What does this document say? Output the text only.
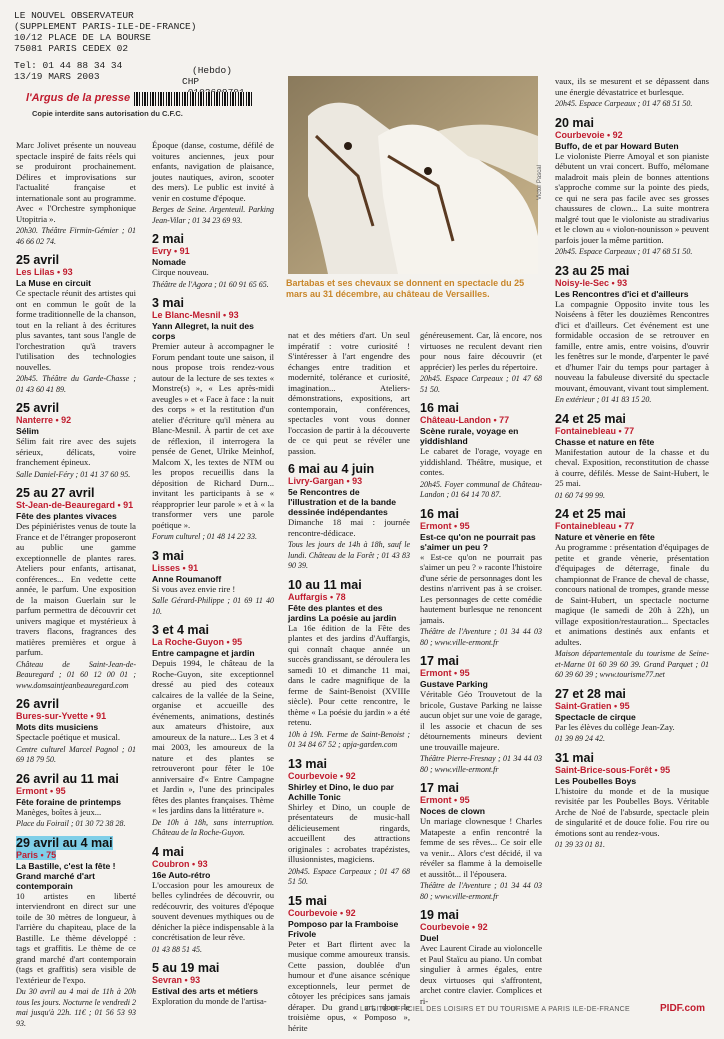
LE NOUVEL OBSERVATEUR
(SUPPLEMENT PARIS-ILE-DE-FRANCE)
10/12 PLACE DE LA BOURSE
75081 PARIS CEDEX 02
Tel: 01 44 88 34 34
13/19 MARS 2003
(Hebdo)
CHP
l'Argus de la presse
Copie interdite sans autorisation du C.F.C.
Victor Pascal
Bartabas et ses chevaux se donnent en spectacle du 25 mars au 31 décembre, au château de Versailles.

Marc Jolivet présente un nouveau spectacle inspiré de faits réels qui se produiront prochainement. Délires et improvisations sur l'actualité française et internationale sont au programme. Avec « l'Orchestre symphonique Utopitria ».

20h30. Théâtre Firmin-Gémier ; 01 46 66 02 74.

25 avril
Les Lilas • 93
La Muse en circuit

Ce spectacle réunit des artistes qui ont en commun le goût de la forme traditionnelle de la chanson, tout en la reliant à des écritures plus savantes, tant sous l'angle de l'orchestration qu'à travers l'utilisation des technologies nouvelles.

20h45. Théâtre du Garde-Chasse ; 01 43 60 41 89.

25 avril
Nanterre • 92
Sélim

Sélim fait rire avec des sujets sérieux, délicats, voire franchement épineux.

Salle Daniel-Féry ; 01 41 37 60 95.

25 au 27 avril
St-Jean-de-Beauregard • 91
Fête des plantes vivaces

Des pépiniéristes venus de toute la France et de l'étranger proposeront au public une gamme exceptionnelle de plantes rares. Ateliers pour enfants, artisanat, conférences... En vedette cette année, le parfum. Une exposition de la maison Guerlain sur le parfum permettra de découvrir cet univers magique et mystérieux à travers flacons, fragrances des matières premières et orgue à parfum.

Château de Saint-Jean-de-Beauregard ; 01 60 12 00 01 ; www.domsaintjeanbeauregard.com

26 avril
Bures-sur-Yvette • 91
Mots dits musiciens

Spectacle poétique et musical.

Centre culturel Marcel Pagnol ; 01 69 18 79 50.

26 avril au 11 mai
Ermont • 95
Fête foraine de printemps

Manèges, boîtes à jeux...

Place du Foirail ; 01 30 72 38 28.

29 avril au 4 mai
Paris • 75
La Bastille, c'est la fête ! Grand marché d'art contemporain

10 artistes en liberté interviendront en direct sur une toile de 30 mètres de longueur, à l'arrière du chapiteau, place de la Bastille. Le thème développé : tags et graffitis. Le thème de ce grand marché d'art contemporain (tags et graffitis) sera visible de l'extérieur de l'expo.

Du 30 avril au 4 mai de 11h à 20h tous les jours. Nocturne le vendredi 2 mai jusqu'à 22h. 11€ ; 01 56 53 93 93.

Époque (danse, costume, défilé de voitures anciennes, jeux pour enfants, navigation de plaisance, joutes nautiques, aviron, scooter des mers). Le public est invité à venir en costume d'époque.

Berges de Seine. Argenteuil. Parking Jean-Vilar ; 01 34 23 69 93.

2 mai
Evry • 91
Nomade

Cirque nouveau.

Théâtre de l'Agora ; 01 60 91 65 65.

3 mai
Le Blanc-Mesnil • 93
Yann Allegret, la nuit des corps

Premier auteur à accompagner le Forum pendant toute une saison, il nous propose trois rendez-vous autour de la lecture de ses textes « Monstre(s) », « Les après-midi aveugles » et « Face à face : la nuit des corps » et la restitution d'un atelier d'écriture qu'il mènera au Blanc-Mesnil. À partir de cet axe de réflexion, il interrogera la pensée de Genet, Ulrike Meinhof, Malcom X, les textes de NTM ou les propos recueillis dans la déposition de Richard Durn... invitant les participants à se « réapproprier leur parole » et à « la transformer vers une parole poétique ».

Forum culturel ; 01 48 14 22 33.

3 mai
Lisses • 91
Anne Roumanoff

Si vous avez envie rire !

Salle Gérard-Philippe ; 01 69 11 40 10.

3 et 4 mai
La Roche-Guyon • 95
Entre campagne et jardin

Depuis 1994, le château de la Roche-Guyon, site exceptionnel dressé au pied des coteaux calcaires de la vallée de la Seine, organise et accueille des événements, animations, destinés aux amateurs d'histoire, aux amoureux de la nature... Les 3 et 4 mai 2003, les amoureux de la nature et des plantes se retrouveront pour fêter le 10e anniversaire d'« Entre Campagne et Jardin », l'une des principales fêtes des plantes françaises. Thème « les jardins dans la littérature ».

De 10h à 18h, sans interruption. Château de la Roche-Guyon.

4 mai
Coubron • 93
16e Auto-rétro

L'occasion pour les amoureux de belles cylindrées de découvrir, ou redécouvrir, des voitures d'époque souvent devenues mythiques ou de dénicher la pièce indispensable à la concrétisation de leur rêve.

01 43 88 51 45.

5 au 19 mai
Sevran • 93
Estival des arts et métiers

Exploration du monde de l'artisa-

nat et des métiers d'art. Un seul impératif : votre curiosité ! S'intéresser à l'art engendre des échanges entre tradition et modernité, tolérance et curiosité, imagination... Ateliers-démonstrations, expositions, art contemporain, conférences, spectacles vont vous donner l'occasion de partir à la découverte de ce qui peut se révéler une passion.

6 mai au 4 juin
Livry-Gargan • 93
5e Rencontres de l'illustration et de la bande dessinée indépendantes

Dimanche 18 mai : journée rencontre-dédicace.

Tous les jours de 14h à 18h, sauf le lundi. Château de la Forêt ; 01 43 83 90 39.

10 au 11 mai
Auffargis • 78
Fête des plantes et des jardins La poésie au jardin

La 16e édition de la Fête des plantes et des jardins d'Auffargis, qui connaît chaque année un succès grandissant, se déroulera les samedi 10 et dimanche 11 mai, dans le cadre magnifique de la ferme de Saint-Benoist (XVIIIe siècle). Pour cette rencontre, le thème « La poésie du jardin » a été retenu.

10h à 19h. Ferme de Saint-Benoist ; 01 34 84 67 52 ; apja-garden.com

13 mai
Courbevoie • 92
Shirley et Dino, le duo par Achille Tonic

Shirley et Dino, un couple de présentateurs de music-hall délicieusement ringards, accueillent des attractions originales : acrobates trapézistes, illusionnistes, magiciens.

20h45. Espace Carpeaux ; 01 47 68 51 50.

15 mai
Courbevoie • 92
Pomposo par la Framboise Frivole

Peter et Bart flirtent avec la musique comme amoureux transis. Cette passion, doublée d'un humour et d'une aisance scénique exceptionnels, leur permet de côtoyer les précipices sans jamais déraper. Du grand art, dont le troisième opus, « Pomposo », hérite

généreusement. Car, là encore, nos virtuoses ne reculent devant rien pour nous faire découvrir (et apprécier) les perles du répertoire.

20h45. Espace Carpeaux ; 01 47 68 51 50.

16 mai
Château-Landon • 77
Scène rurale, voyage en yiddishland

Le cabaret de l'orage, voyage en yiddishland. Théâtre, musique, et contes.

20h45. Foyer communal de Château-Landon ; 01 64 14 70 87.

16 mai
Ermont • 95
Est-ce qu'on ne pourrait pas s'aimer un peu ?

« Est-ce qu'on ne pourrait pas s'aimer un peu ? » raconte l'histoire d'une série de personnages dont les destins n'arrivent pas à se croiser. Les personnages de cette comédie hautement burlesque ne renoncent jamais.

Théâtre de l'Aventure ; 01 34 44 03 80 ; www.ville-ermont.fr

17 mai
Ermont • 95
Gustave Parking

Véritable Géo Trouvetout de la bricole, Gustave Parking ne laisse aucun objet sur une voie de garage, il les associe et chacun de ses détournements mineurs devient une trouvaille majeure.

Théâtre Pierre-Fresnay ; 01 34 44 03 80 ; www.ville-ermont.fr

17 mai
Ermont • 95
Noces de clown

Un mariage clownesque ! Charles Matapeste a enfin rencontré la femme de ses rêves... Ce soir elle va venir... Alors c'est décidé, il va révéler sa flamme à la demoiselle et aussitôt... il l'épousera.

Théâtre de l'Aventure ; 01 34 44 03 80 ; www.ville-ermont.fr

19 mai
Courbevoie • 92
Duel

Avec Laurent Cirade au violoncelle et Paul Staïcu au piano. Un combat singulier à armes égales, entre deux virtuoses qui s'affrontent, archet contre clavier. Complices et ri-

vaux, ils se mesurent et se dépassent dans une énergie dévastatrice et burlesque.

20h45. Espace Carpeaux ; 01 47 68 51 50.

20 mai
Courbevoie • 92
Buffo, de et par Howard Buten

Le violoniste Pierre Amoyal et son pianiste débutent un vrai concert. Buffo, mélomane maladroit mais plein de bonnes attentions s'approche comme sur la pointe des pieds, ce qui ne sera pas facile avec ses grosses chaussures de clown... La suite montrera malgré tout que le violoniste au stradivarius et le clown au « violon-nounisson » peuvent parfois jouer la même partition.

20h45. Espace Carpeaux ; 01 47 68 51 50.

23 au 25 mai
Noisy-le-Sec • 93
Les Rencontres d'ici et d'ailleurs

La compagnie Opposito invite tous les Noiséens à fêter les douzièmes Rencontres d'ici et d'ailleurs. Cet événement est une formidable occasion de se retrouver en famille, entre amis, entre voisins, d'ouvrir les fenêtres sur le monde, d'arpenter le pavé et d'humer l'air du temps pour partager à nouveau la fabuleuse diversité du spectacle mouvant, émouvant, vivant tout simplement.

En extérieur ; 01 41 83 15 20.

24 et 25 mai
Fontainebleau • 77
Chasse et nature en fête

Manifestation autour de la chasse et du cheval. Exposition, reconstitution de chasse à courre, défilés. Messe de Saint-Hubert, le 25 mai.

01 60 74 99 99.

24 et 25 mai
Fontainebleau • 77
Nature et vènerie en fête

Au programme : présentation d'équipages de petite et grande vènerie, présentation d'équipages de déterrage, finale du championnat de France de cheval de chasse, concours national de trompes, grande messe de Saint-Hubert, un spectacle nocturne magique (le samedi de 20h à 22h), un village exposition/restauration... Spectacles et animations destinés aux enfants et adultes.

Maison départementale du tourisme de Seine-et-Marne 01 60 39 60 39. Grand Parquet ; 01 60 39 60 39 ; www.tourisme77.net

27 et 28 mai
Saint-Gratien • 95
Spectacle de cirque

Par les élèves du collège Jean-Zay.

01 39 89 24 42.

31 mai
Saint-Brice-sous-Forêt • 95
Les Poubelles Boys

L'histoire du monde et de la musique revisitée par les Poubelles Boys. Véritable Arche de Noé de l'absurde, spectacle plein de singularité et de douce folie. Fou rire ou émotions sont au rendez-vous.

01 39 33 01 81.

LE SITE OFFICIEL DES LOISIRS ET DU TOURISME A PARIS ILE-DE-FRANCE	PIDF.com
